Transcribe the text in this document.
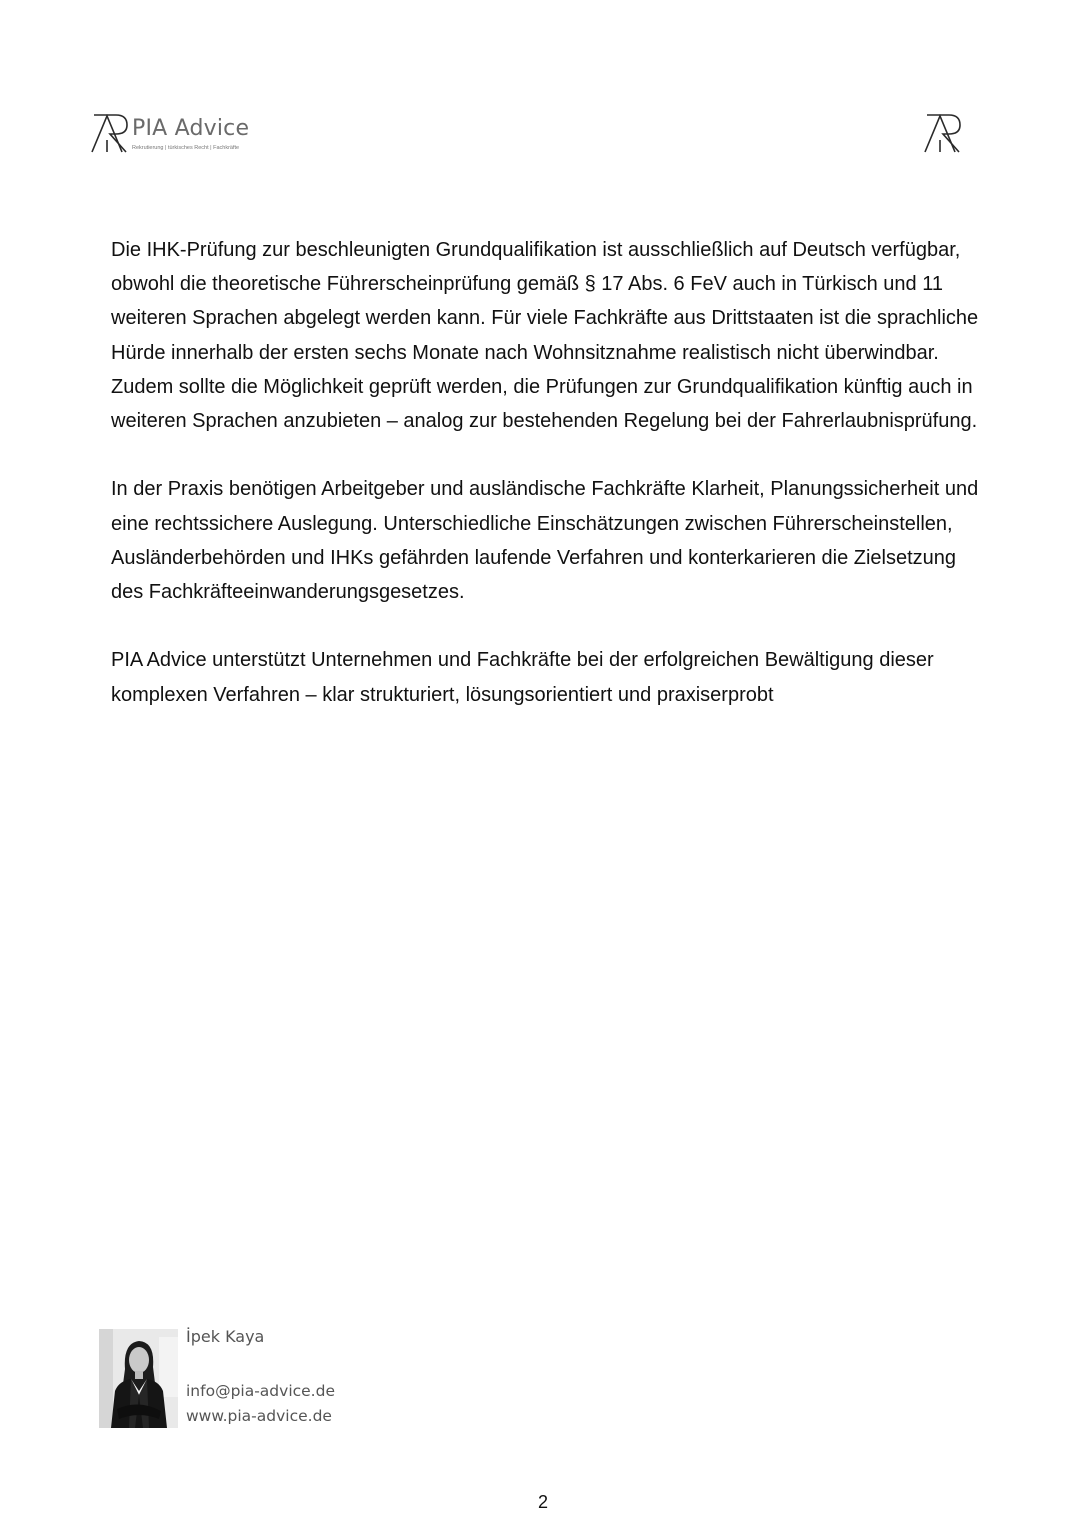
PIA Advice
Rekrutierung | türkisches Recht | Fachkräfte

Die IHK-Prüfung zur beschleunigten Grundqualifikation ist ausschließlich auf Deutsch verfügbar, obwohl die theoretische Führerscheinprüfung gemäß § 17 Abs. 6 FeV auch in Türkisch und 11 weiteren Sprachen abgelegt werden kann. Für viele Fachkräfte aus Drittstaaten ist die sprachliche Hürde innerhalb der ersten sechs Monate nach Wohnsitznahme realistisch nicht überwindbar.

Zudem sollte die Möglichkeit geprüft werden, die Prüfungen zur Grundqualifikation künftig auch in weiteren Sprachen anzubieten – analog zur bestehenden Regelung bei der Fahrerlaubnisprüfung.

In der Praxis benötigen Arbeitgeber und ausländische Fachkräfte Klarheit, Planungssicherheit und eine rechtssichere Auslegung. Unterschiedliche Einschätzungen zwischen Führerscheinstellen, Ausländerbehörden und IHKs gefährden laufende Verfahren und konterkarieren die Zielsetzung des Fachkräfteeinwanderungsgesetzes.

PIA Advice unterstützt Unternehmen und Fachkräfte bei der erfolgreichen Bewältigung dieser komplexen Verfahren – klar strukturiert, lösungsorientiert und praxiserprobt

İpek Kaya
info@pia-advice.de
www.pia-advice.de
2
